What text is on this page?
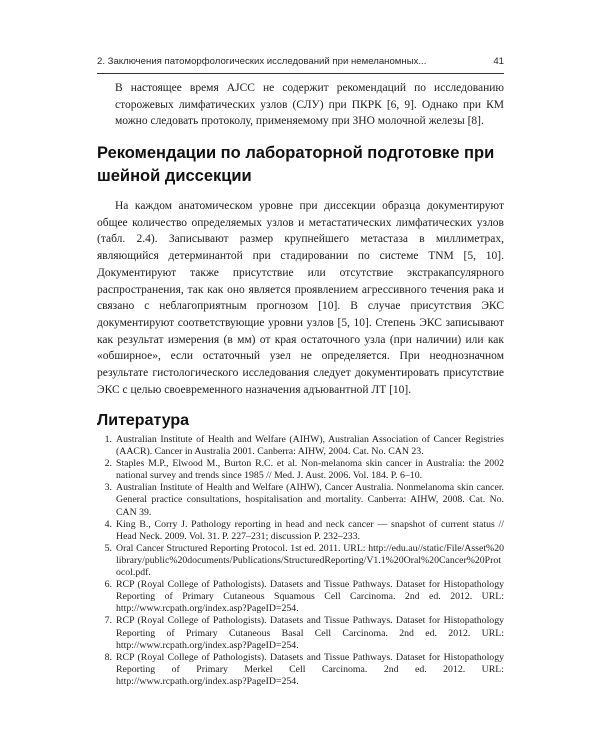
2. Заключения патоморфологических исследований при немеланомных...	41

В настоящее время AJCC не содержит рекомендаций по исследованию сторожевых лимфатических узлов (СЛУ) при ПКРК [6, 9]. Однако при КМ можно следовать протоколу, применяемому при ЗНО молочной железы [8].

Рекомендации по лабораторной подготовке при шейной диссекции

На каждом анатомическом уровне при диссекции образца документируют общее количество определяемых узлов и метастатических лимфатических узлов (табл. 2.4). Записывают размер крупнейшего метастаза в миллиметрах, являющийся детерминантой при стадировании по системе TNM [5, 10]. Документируют также присутствие или отсутствие экстракапсулярного распространения, так как оно является проявлением агрессивного течения рака и связано с неблагоприятным прогнозом [10]. В случае присутствия ЭКС документируют соответствующие уровни узлов [5, 10]. Степень ЭКС записывают как результат измерения (в мм) от края остаточного узла (при наличии) или как «обширное», если остаточный узел не определяется. При неоднозначном результате гистологического исследования следует документировать присутствие ЭКС с целью своевременного назначения адъювантной ЛТ [10].

Литература
1. Australian Institute of Health and Welfare (AIHW), Australian Association of Cancer Registries (AACR). Cancer in Australia 2001. Canberra: AIHW, 2004. Cat. No. CAN 23.
2. Staples M.P., Elwood M., Burton R.C. et al. Non-melanoma skin cancer in Australia: the 2002 national survey and trends since 1985 // Med. J. Aust. 2006. Vol. 184. P. 6–10.
3. Australian Institute of Health and Welfare (AIHW), Cancer Australia. Nonmelanoma skin cancer. General practice consultations, hospitalisation and mortality. Canberra: AIHW, 2008. Cat. No. CAN 39.
4. King B., Corry J. Pathology reporting in head and neck cancer — snapshot of current status // Head Neck. 2009. Vol. 31. P. 227–231; discussion P. 232–233.
5. Oral Cancer Structured Reporting Protocol. 1st ed. 2011. URL: http://edu.au//static/File/Asset%20library/public%20documents/Publications/StructuredReporting/V1.1%20Oral%20Cancer%20Protocol.pdf.
6. RCP (Royal College of Pathologists). Datasets and Tissue Pathways. Dataset for Histopathology Reporting of Primary Cutaneous Squamous Cell Carcinoma. 2nd ed. 2012. URL: http://www.rcpath.org/index.asp?PageID=254.
7. RCP (Royal College of Pathologists). Datasets and Tissue Pathways. Dataset for Histopathology Reporting of Primary Cutaneous Basal Cell Carcinoma. 2nd ed. 2012. URL: http://www.rcpath.org/index.asp?PageID=254.
8. RCP (Royal College of Pathologists). Datasets and Tissue Pathways. Dataset for Histopathology Reporting of Primary Merkel Cell Carcinoma. 2nd ed. 2012. URL: http://www.rcpath.org/index.asp?PageID=254.
